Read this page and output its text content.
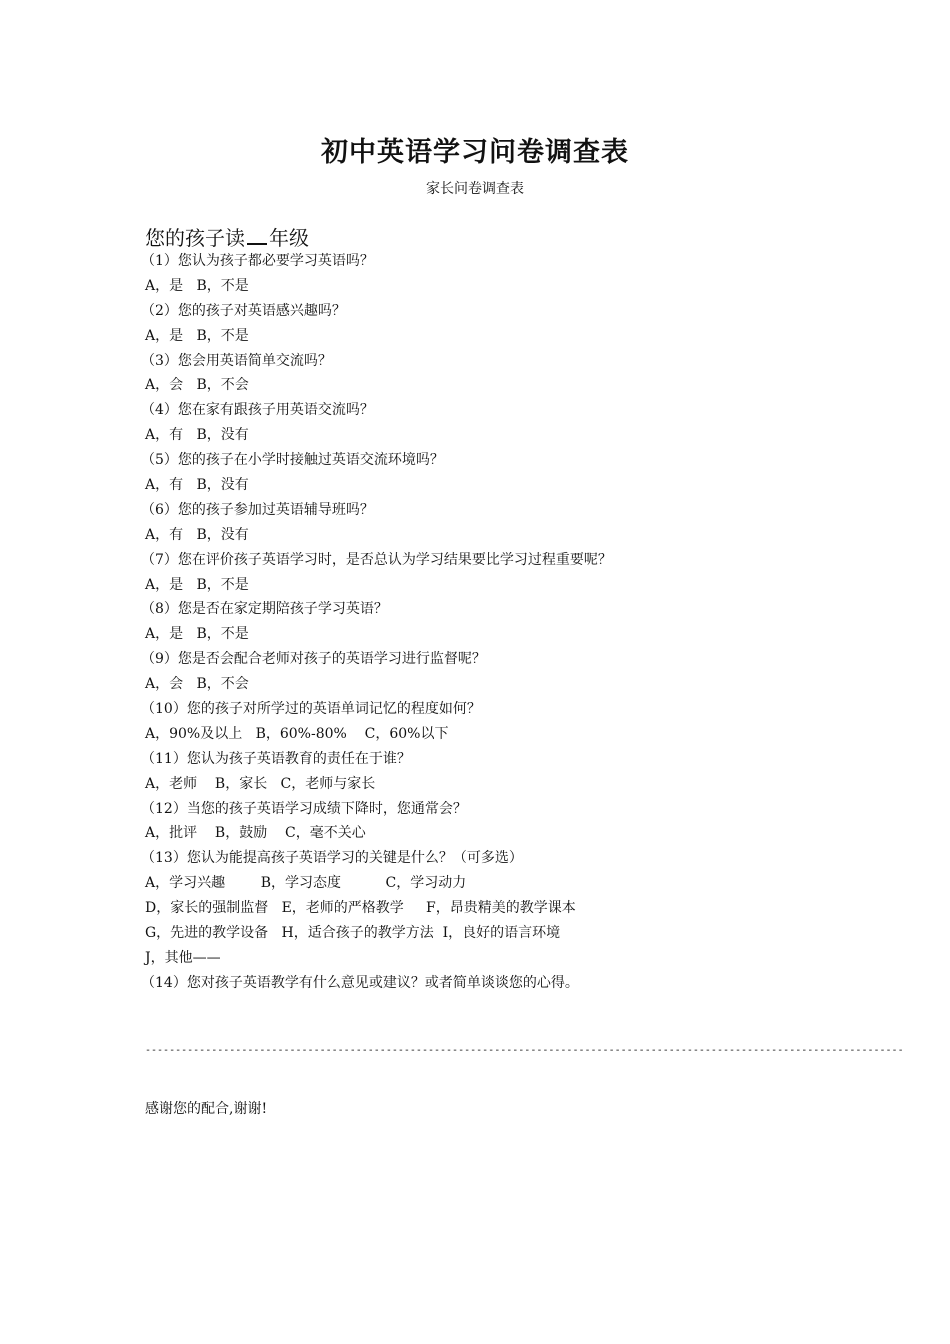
初中英语学习问卷调查表
家长问卷调查表
您的孩子读 年级
（1）您认为孩子都必要学习英语吗？
A，是   B，不是
（2）您的孩子对英语感兴趣吗？
A，是   B，不是
（3）您会用英语简单交流吗？
A，会   B，不会
（4）您在家有跟孩子用英语交流吗？
A，有   B，没有
（5）您的孩子在小学时接触过英语交流环境吗？
A，有   B，没有
（6）您的孩子参加过英语辅导班吗？
A，有   B，没有
（7）您在评价孩子英语学习时，是否总认为学习结果要比学习过程重要呢？
A，是   B，不是
（8）您是否在家定期陪孩子学习英语？
A，是   B，不是
（9）您是否会配合老师对孩子的英语学习进行监督呢？
A，会   B，不会
（10）您的孩子对所学过的英语单词记忆的程度如何？
A，90%及以上   B，60%-80%    C，60%以下
（11）您认为孩子英语教育的责任在于谁？
A，老师    B，家长   C，老师与家长
（12）当您的孩子英语学习成绩下降时，您通常会？
A，批评    B，鼓励    C，毫不关心
（13）您认为能提高孩子英语学习的关键是什么？（可多选）
A，学习兴趣        B，学习态度          C，学习动力
D，家长的强制监督   E，老师的严格教学     F，昂贵精美的教学课本
G，先进的教学设备   H，适合孩子的教学方法  I，良好的语言环境
J，其他——
（14）您对孩子英语教学有什么意见或建议？或者简单谈谈您的心得。
------------------------------------------------------------------------------------------------------------------------------
感谢您的配合,谢谢!
